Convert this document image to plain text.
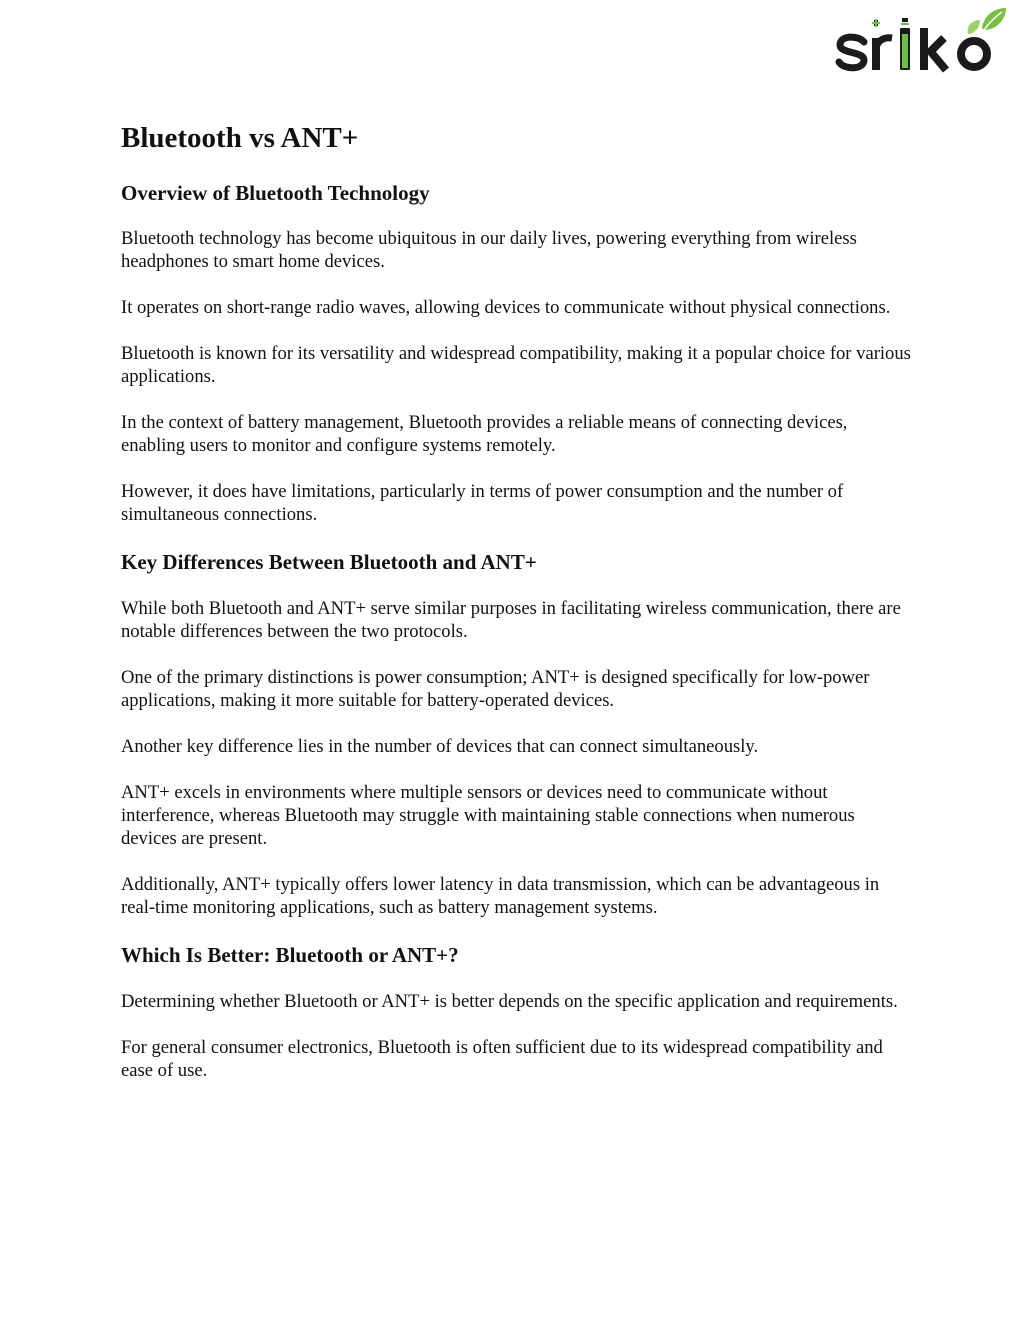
Bluetooth vs ANT+
Overview of Bluetooth Technology

Bluetooth technology has become ubiquitous in our daily lives, powering everything from wireless headphones to smart home devices.

It operates on short-range radio waves, allowing devices to communicate without physical connections.

Bluetooth is known for its versatility and widespread compatibility, making it a popular choice for various applications.

In the context of battery management, Bluetooth provides a reliable means of connecting devices, enabling users to monitor and configure systems remotely.

However, it does have limitations, particularly in terms of power consumption and the number of simultaneous connections.

Key Differences Between Bluetooth and ANT+

While both Bluetooth and ANT+ serve similar purposes in facilitating wireless communication, there are notable differences between the two protocols.

One of the primary distinctions is power consumption; ANT+ is designed specifically for low-power applications, making it more suitable for battery-operated devices.

Another key difference lies in the number of devices that can connect simultaneously.

ANT+ excels in environments where multiple sensors or devices need to communicate without interference, whereas Bluetooth may struggle with maintaining stable connections when numerous devices are present.

Additionally, ANT+ typically offers lower latency in data transmission, which can be advantageous in real-time monitoring applications, such as battery management systems.

Which Is Better: Bluetooth or ANT+?

Determining whether Bluetooth or ANT+ is better depends on the specific application and requirements.

For general consumer electronics, Bluetooth is often sufficient due to its widespread compatibility and ease of use.
